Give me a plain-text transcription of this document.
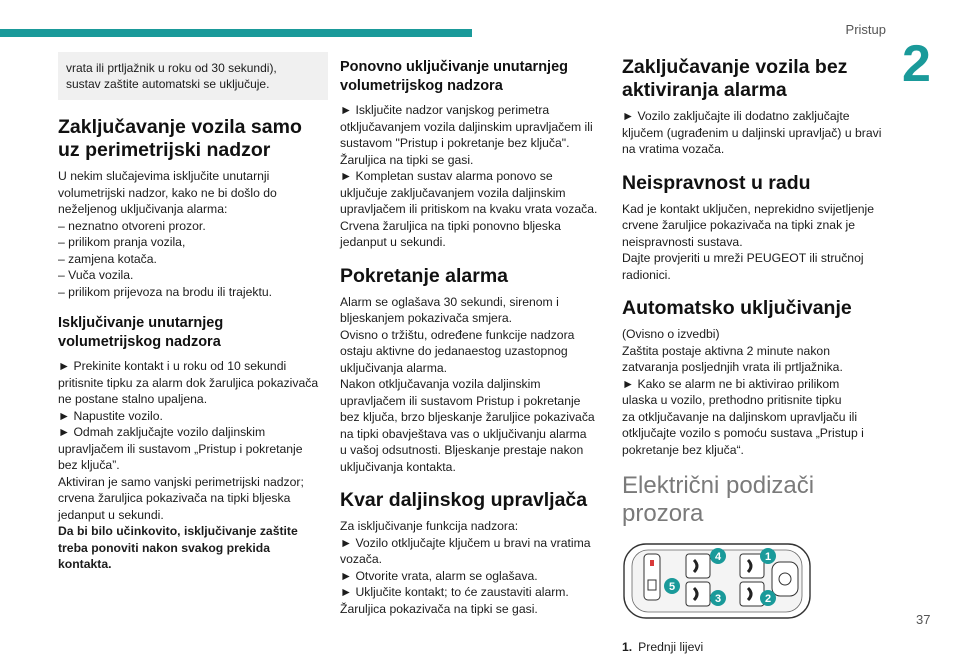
Pristup
2
37

vrata ili prtljažnik u roku od 30 sekundi),

sustav zaštite automatski se uključuje.

Zaključavanje vozila samo
uz perimetrijski nadzor

U nekim slučajevima isključite unutarnji

volumetrijski nadzor, kako ne bi došlo do

neželjenog uključivanja alarma:

– neznatno otvoreni prozor.

– prilikom pranja vozila,

– zamjena kotača.

– Vuča vozila.

– prilikom prijevoza na brodu ili trajektu.

Isključivanje unutarnjeg
volumetrijskog nadzora

► Prekinite kontakt i u roku od 10 sekundi

pritisnite tipku za alarm dok žaruljica pokazivača

ne postane stalno upaljena.

► Napustite vozilo.

► Odmah zaključajte vozilo daljinskim

upravljačem ili sustavom „Pristup i pokretanje

bez ključa”.

Aktiviran je samo vanjski perimetrijski nadzor;

crvena žaruljica pokazivača na tipki bljeska

jedanput u sekundi.

Da bi bilo učinkovito, isključivanje zaštite

treba ponoviti nakon svakog prekida

kontakta.

Ponovno uključivanje unutarnjeg
volumetrijskog nadzora

► Isključite nadzor vanjskog perimetra

otključavanjem vozila daljinskim upravljačem ili

sustavom "Pristup i pokretanje bez ključa".

Žaruljica na tipki se gasi.

► Kompletan sustav alarma ponovo se

uključuje zaključavanjem vozila daljinskim

upravljačem ili pritiskom na kvaku vrata vozača.

Crvena žaruljica na tipki ponovno bljeska

jedanput u sekundi.

Pokretanje alarma

Alarm se oglašava 30 sekundi, sirenom i

bljeskanjem pokazivača smjera.

Ovisno o tržištu, određene funkcije nadzora

ostaju aktivne do jedanaestog uzastopnog

uključivanja alarma.

Nakon otključavanja vozila daljinskim

upravljačem ili sustavom Pristup i pokretanje

bez ključa, brzo bljeskanje žaruljice pokazivača

na tipki obavještava vas o uključivanju alarma

u vašoj odsutnosti. Bljeskanje prestaje nakon

uključivanja kontakta.

Kvar daljinskog upravljača

Za isključivanje funkcija nadzora:

► Vozilo otključajte ključem u bravi na vratima

vozača.

► Otvorite vrata, alarm se oglašava.

► Uključite kontakt; to će zaustaviti alarm.

Žaruljica pokazivača na tipki se gasi.

Zaključavanje vozila bez
aktiviranja alarma

► Vozilo zaključajte ili dodatno zaključajte

ključem (ugrađenim u daljinski upravljač) u bravi

na vratima vozača.

Neispravnost u radu

Kad je kontakt uključen, neprekidno svijetljenje

crvene žaruljice pokazivača na tipki znak je

neispravnosti sustava.

Dajte provjeriti u mreži PEUGEOT ili stručnoj

radionici.

Automatsko uključivanje

(Ovisno o izvedbi)

Zaštita postaje aktivna 2 minute nakon

zatvaranja posljednjih vrata ili prtljažnika.

► Kako se alarm ne bi aktivirao prilikom

ulaska u vozilo, prethodno pritisnite tipku

za otključavanje na daljinskom upravljaču ili

otključajte vozilo s pomoću sustava „Pristup i

pokretanje bez ključa“.

Električni podizači prozora
5
4
3
1
2

1. Prednji lijevi
